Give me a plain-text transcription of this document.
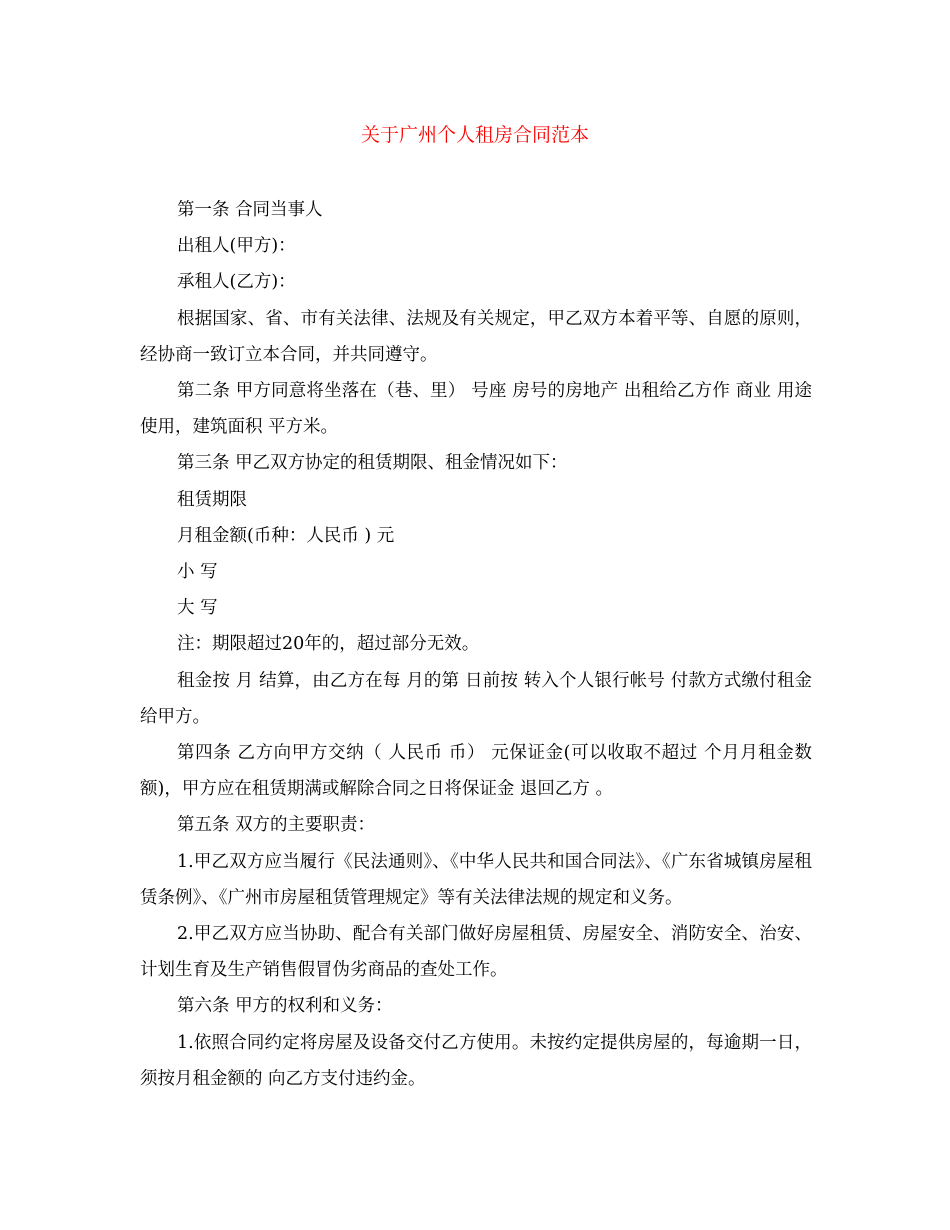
关于广州个人租房合同范本

第一条 合同当事人

出租人(甲方)：

承租人(乙方)：

根据国家、省、市有关法律、法规及有关规定，甲乙双方本着平等、自愿的原则，经协商一致订立本合同，并共同遵守。

第二条 甲方同意将坐落在（巷、里） 号座 房号的房地产 出租给乙方作 商业 用途使用，建筑面积 平方米。

第三条 甲乙双方协定的租赁期限、租金情况如下：

租赁期限

月租金额(币种：人民币 ) 元

小 写

大 写

注：期限超过20年的，超过部分无效。

租金按 月 结算，由乙方在每 月的第 日前按 转入个人银行帐号 付款方式缴付租金给甲方。

第四条 乙方向甲方交纳（ 人民币 币） 元保证金(可以收取不超过 个月月租金数额)，甲方应在租赁期满或解除合同之日将保证金 退回乙方 。

第五条 双方的主要职责：

1.甲乙双方应当履行《民法通则》、《中华人民共和国合同法》、《广东省城镇房屋租赁条例》、《广州市房屋租赁管理规定》等有关法律法规的规定和义务。

2.甲乙双方应当协助、配合有关部门做好房屋租赁、房屋安全、消防安全、治安、计划生育及生产销售假冒伪劣商品的查处工作。

第六条 甲方的权利和义务：

1.依照合同约定将房屋及设备交付乙方使用。未按约定提供房屋的，每逾期一日，须按月租金额的 向乙方支付违约金。
